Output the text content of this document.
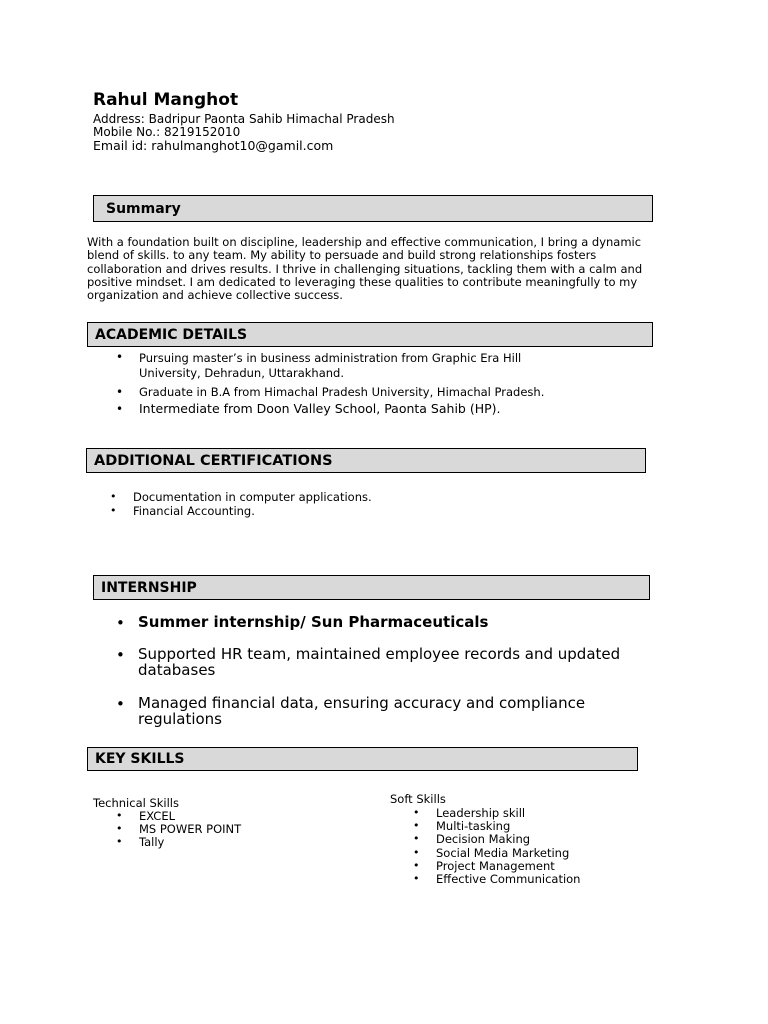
Rahul Manghot
Address: Badripur Paonta Sahib Himachal Pradesh
Mobile No.: 8219152010
Email id: rahulmanghot10@gamil.com
Summary
With a foundation built on discipline, leadership and effective communication, I bring a dynamic
blend of skills. to any team. My ability to persuade and build strong relationships fosters
collaboration and drives results. I thrive in challenging situations, tackling them with a calm and
positive mindset. I am dedicated to leveraging these qualities to contribute meaningfully to my
organization and achieve collective success.
ACADEMIC DETAILS
• Pursuing master’s in business administration from Graphic Era Hill
University, Dehradun, Uttarakhand.
• Graduate in B.A from Himachal Pradesh University, Himachal Pradesh.
• Intermediate from Doon Valley School, Paonta Sahib (HP).
ADDITIONAL CERTIFICATIONS
• Documentation in computer applications.
• Financial Accounting.
INTERNSHIP
• Summer internship/ Sun Pharmaceuticals
• Supported HR team, maintained employee records and updated
databases
• Managed financial data, ensuring accuracy and compliance
regulations
KEY SKILLS
Technical Skills
• EXCEL
• MS POWER POINT
• Tally
Soft Skills
• Leadership skill
• Multi-tasking
• Decision Making
• Social Media Marketing
• Project Management
• Effective Communication
